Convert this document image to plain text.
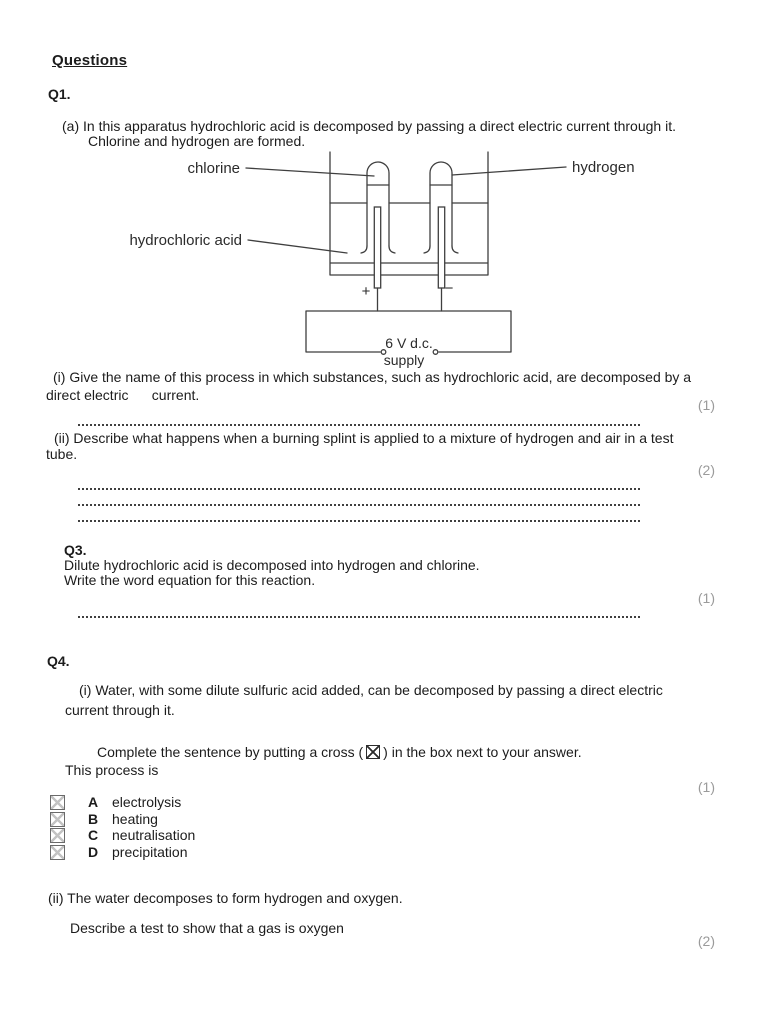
Questions
Q1.
(a) In this apparatus hydrochloric acid is decomposed by passing a direct electric current through it.
Chlorine and hydrogen are formed.
chlorine	hydrogen
hydrochloric acid
+	−
6 V d.c.
supply
(i) Give the name of this process in which substances, such as hydrochloric acid, are decomposed by a
direct electric      current.
(1)
(ii) Describe what happens when a burning splint is applied to a mixture of hydrogen and air in a test
tube.
(2)
Q3.
Dilute hydrochloric acid is decomposed into hydrogen and chlorine.
Write the word equation for this reaction.
(1)
Q4.
(i) Water, with some dilute sulfuric acid added, can be decomposed by passing a direct electric
current through it.
Complete the sentence by putting a cross ( ) in the box next to your answer.
This process is
(1)
A electrolysis
B heating
C neutralisation
D precipitation
(ii) The water decomposes to form hydrogen and oxygen.
Describe a test to show that a gas is oxygen
(2)
